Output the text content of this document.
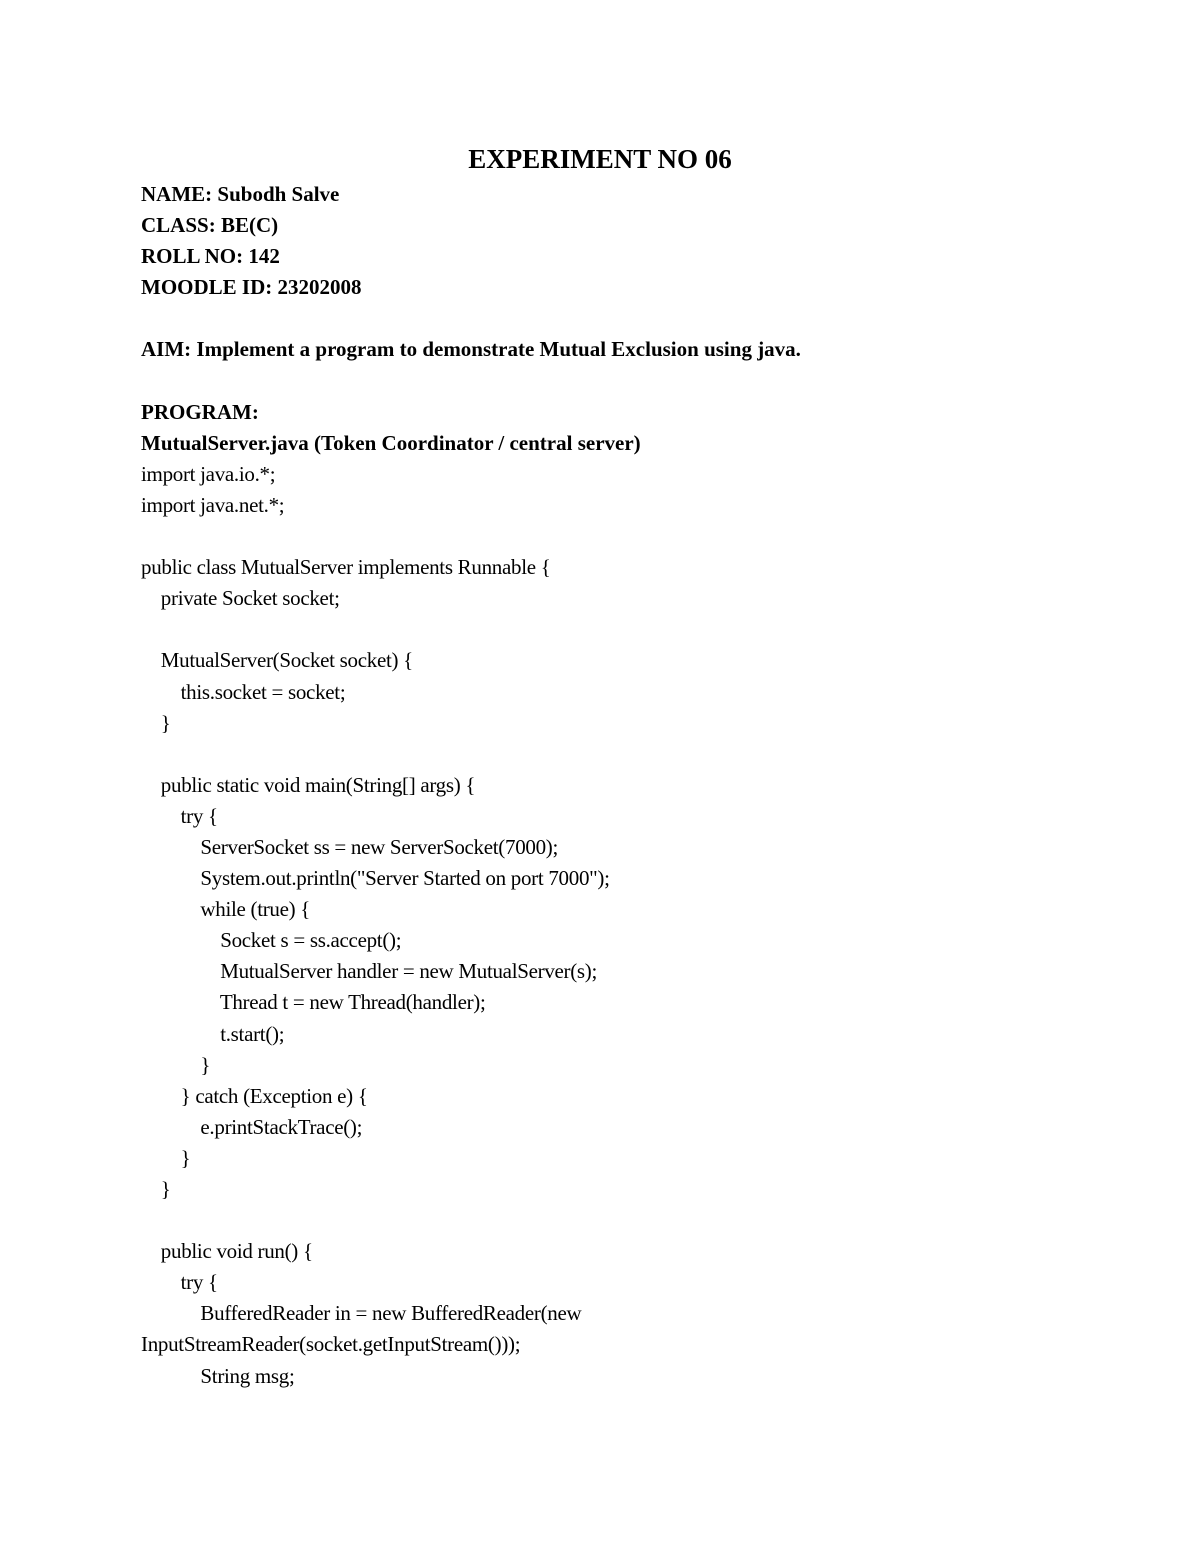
EXPERIMENT NO 06
NAME: Subodh Salve
CLASS: BE(C)
ROLL NO: 142
MOODLE ID: 23202008
AIM: Implement a program to demonstrate Mutual Exclusion using java.
PROGRAM:
MutualServer.java (Token Coordinator / central server)
import java.io.*;
import java.net.*;
public class MutualServer implements Runnable {
private Socket socket;
MutualServer(Socket socket) {
this.socket = socket;
}
public static void main(String[] args) {
try {
ServerSocket ss = new ServerSocket(7000);
System.out.println("Server Started on port 7000");
while (true) {
Socket s = ss.accept();
MutualServer handler = new MutualServer(s);
Thread t = new Thread(handler);
t.start();
}
} catch (Exception e) {
e.printStackTrace();
}
}
public void run() {
try {
BufferedReader in = new BufferedReader(new
InputStreamReader(socket.getInputStream()));
String msg;
